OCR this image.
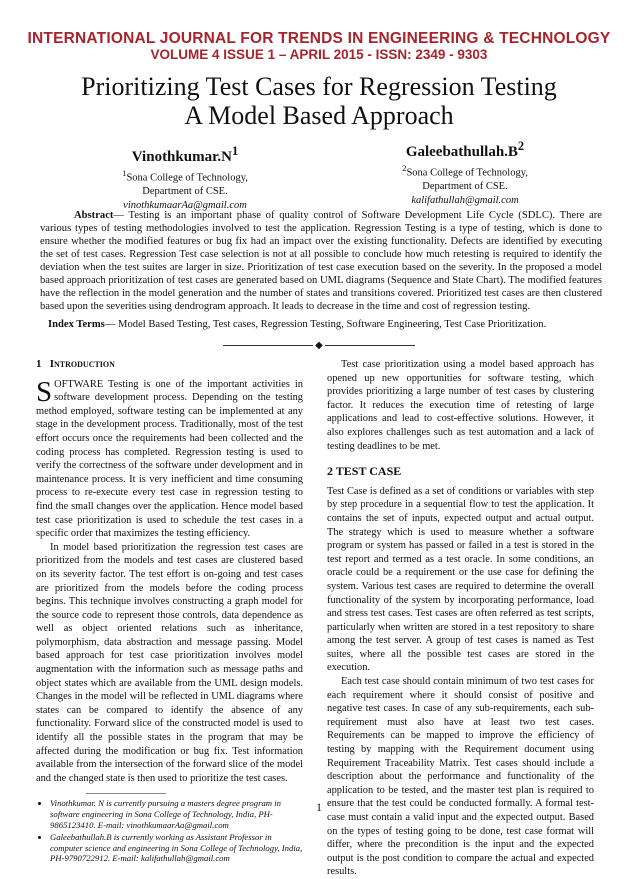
INTERNATIONAL JOURNAL FOR TRENDS IN ENGINEERING & TECHNOLOGY
VOLUME 4 ISSUE 1 – APRIL 2015 - ISSN: 2349 - 9303
Prioritizing Test Cases for Regression Testing
A Model Based Approach
$Vinothkumar.N^1$
$^1$Sona College of Technology,
Department of CSE.
vinothkumaarAa@gmail.com
$Galeebathullah.B^2$
$^2$Sona College of Technology,
Department of CSE.
kalifathullah@gmail.com
Abstract— Testing is an important phase of quality control of Software Development Life Cycle (SDLC). There are various types of testing methodologies involved to test the application. Regression Testing is a type of testing, which is done to ensure whether the modified features or bug fix had an impact over the existing functionality. Defects are identified by executing the set of test cases. Regression Test case selection is not at all possible to conclude how much retesting is required to identify the deviation when the test suites are larger in size. Prioritization of test case execution based on the severity. In the proposed a model based approach prioritization of test cases are generated based on UML diagrams (Sequence and State Chart). The modified features have the reflection in the model generation and the number of states and transitions covered. Prioritized test cases are then clustered based upon the severities using dendrogram approach. It leads to decrease in the time and cost of regression testing.
Index Terms— Model Based Testing, Test cases, Regression Testing, Software Engineering, Test Case Prioritization.
◆
1 Introduction

SOFTWARE Testing is one of the important activities in software development process. Depending on the testing method employed, software testing can be implemented at any stage in the development process. Traditionally, most of the test effort occurs once the requirements had been collected and the coding process has completed. Regression testing is used to verify the correctness of the software under development and in maintenance process. It is very inefficient and time consuming process to re-execute every test case in regression testing to find the small changes over the application. Hence model based test case prioritization is used to schedule the test cases in a specific order that maximizes the testing efficiency.

In model based prioritization the regression test cases are prioritized from the models and test cases are clustered based on its severity factor. The test effort is on-going and test cases are prioritized from the models before the coding process begins. This technique involves constructing a graph model for the source code to represent those controls, data dependence as well as object oriented relations such as inheritance, polymorphism, data abstraction and message passing. Model based approach for test case prioritization involves model augmentation with the information such as message paths and object states which are available from the UML design models. Changes in the model will be reflected in UML diagrams where states can be compared to identify the absence of any functionality. Forward slice of the constructed model is used to identify all the possible states in the program that may be affected during the modification or bug fix. Test information available from the intersection of the forward slice of the model and the changed state is then used to prioritize the test cases.

• Vinothkumar. N is currently pursuing a masters degree program in software engineering in Sona College of Technology, India, PH-9865123410. E-mail: vinothkumaarAa@gmail.com
• Galeebathullah.B is currently working as Assistant Professor in computer science and engineering in Sona College of Technology, India, PH-9790722912. E-mail: kalifathullah@gmail.com

Test case prioritization using a model based approach has opened up new opportunities for software testing, which provides prioritizing a large number of test cases by clustering factor. It reduces the execution time of retesting of large applications and lead to cost-effective solutions. However, it also explores challenges such as test automation and a lack of testing deadlines to be met.

2 TEST CASE

Test Case is defined as a set of conditions or variables with step by step procedure in a sequential flow to test the application. It contains the set of inputs, expected output and actual output. The strategy which is used to measure whether a software program or system has passed or failed in a test is stored in the test report and termed as a test oracle. In some conditions, an oracle could be a requirement or the use case for defining the system. Various test cases are required to determine the overall functionality of the system by incorporating performance, load and stress test cases. Test cases are often referred as test scripts, particularly when written are stored in a test repository to share among the test server. A group of test cases is named as Test suites, where all the possible test cases are stored in the execution.

Each test case should contain minimum of two test cases for each requirement where it should consist of positive and negative test cases. In case of any sub-requirements, each sub-requirement must also have at least two test cases. Requirements can be mapped to improve the efficiency of testing by mapping with the Requirement document using Requirement Traceability Matrix. Test cases should include a description about the performance and functionality of the application to be tested, and the master test plan is required to ensure that the test could be conducted formally. A formal test-case must contain a valid input and the expected output. Based on the types of testing going to be done, test case format will differ, where the precondition is the input and the expected output is the post condition to compare the actual and expected results.

1
